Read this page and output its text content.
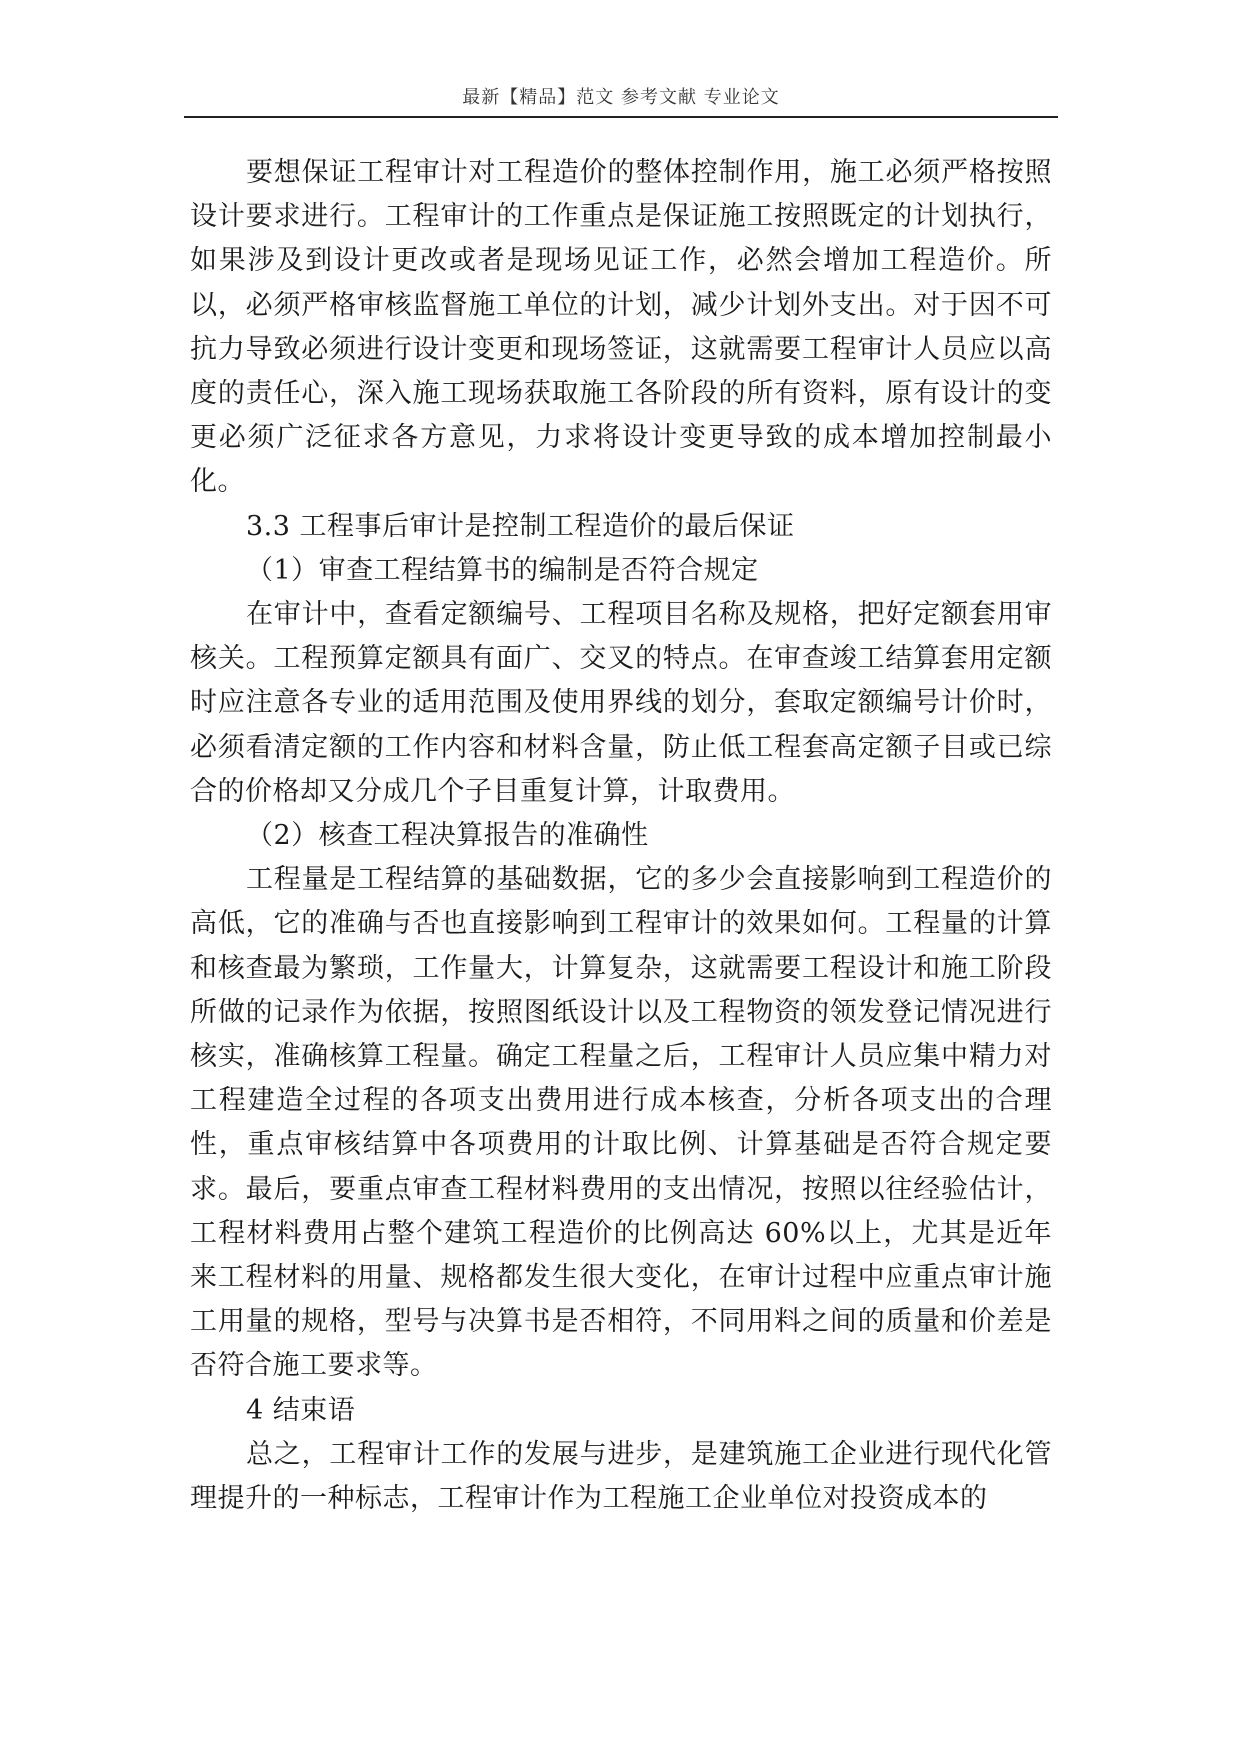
最新【精品】范文 参考文献 专业论文

要想保证工程审计对工程造价的整体控制作用，施工必须严格按照设计要求进行。工程审计的工作重点是保证施工按照既定的计划执行，如果涉及到设计更改或者是现场见证工作，必然会增加工程造价。所以，必须严格审核监督施工单位的计划，减少计划外支出。对于因不可抗力导致必须进行设计变更和现场签证，这就需要工程审计人员应以高度的责任心，深入施工现场获取施工各阶段的所有资料，原有设计的变更必须广泛征求各方意见，力求将设计变更导致的成本增加控制最小化。

3.3 工程事后审计是控制工程造价的最后保证

（1）审查工程结算书的编制是否符合规定

在审计中，查看定额编号、工程项目名称及规格，把好定额套用审核关。工程预算定额具有面广、交叉的特点。在审查竣工结算套用定额时应注意各专业的适用范围及使用界线的划分，套取定额编号计价时，必须看清定额的工作内容和材料含量，防止低工程套高定额子目或已综合的价格却又分成几个子目重复计算，计取费用。

（2）核查工程决算报告的准确性

工程量是工程结算的基础数据，它的多少会直接影响到工程造价的高低，它的准确与否也直接影响到工程审计的效果如何。工程量的计算和核查最为繁琐，工作量大，计算复杂，这就需要工程设计和施工阶段所做的记录作为依据，按照图纸设计以及工程物资的领发登记情况进行核实，准确核算工程量。确定工程量之后，工程审计人员应集中精力对工程建造全过程的各项支出费用进行成本核查，分析各项支出的合理性，重点审核结算中各项费用的计取比例、计算基础是否符合规定要求。最后，要重点审查工程材料费用的支出情况，按照以往经验估计，工程材料费用占整个建筑工程造价的比例高达 60%以上，尤其是近年来工程材料的用量、规格都发生很大变化，在审计过程中应重点审计施工用量的规格，型号与决算书是否相符，不同用料之间的质量和价差是否符合施工要求等。

4 结束语

总之，工程审计工作的发展与进步，是建筑施工企业进行现代化管理提升的一种标志，工程审计作为工程施工企业单位对投资成本的
